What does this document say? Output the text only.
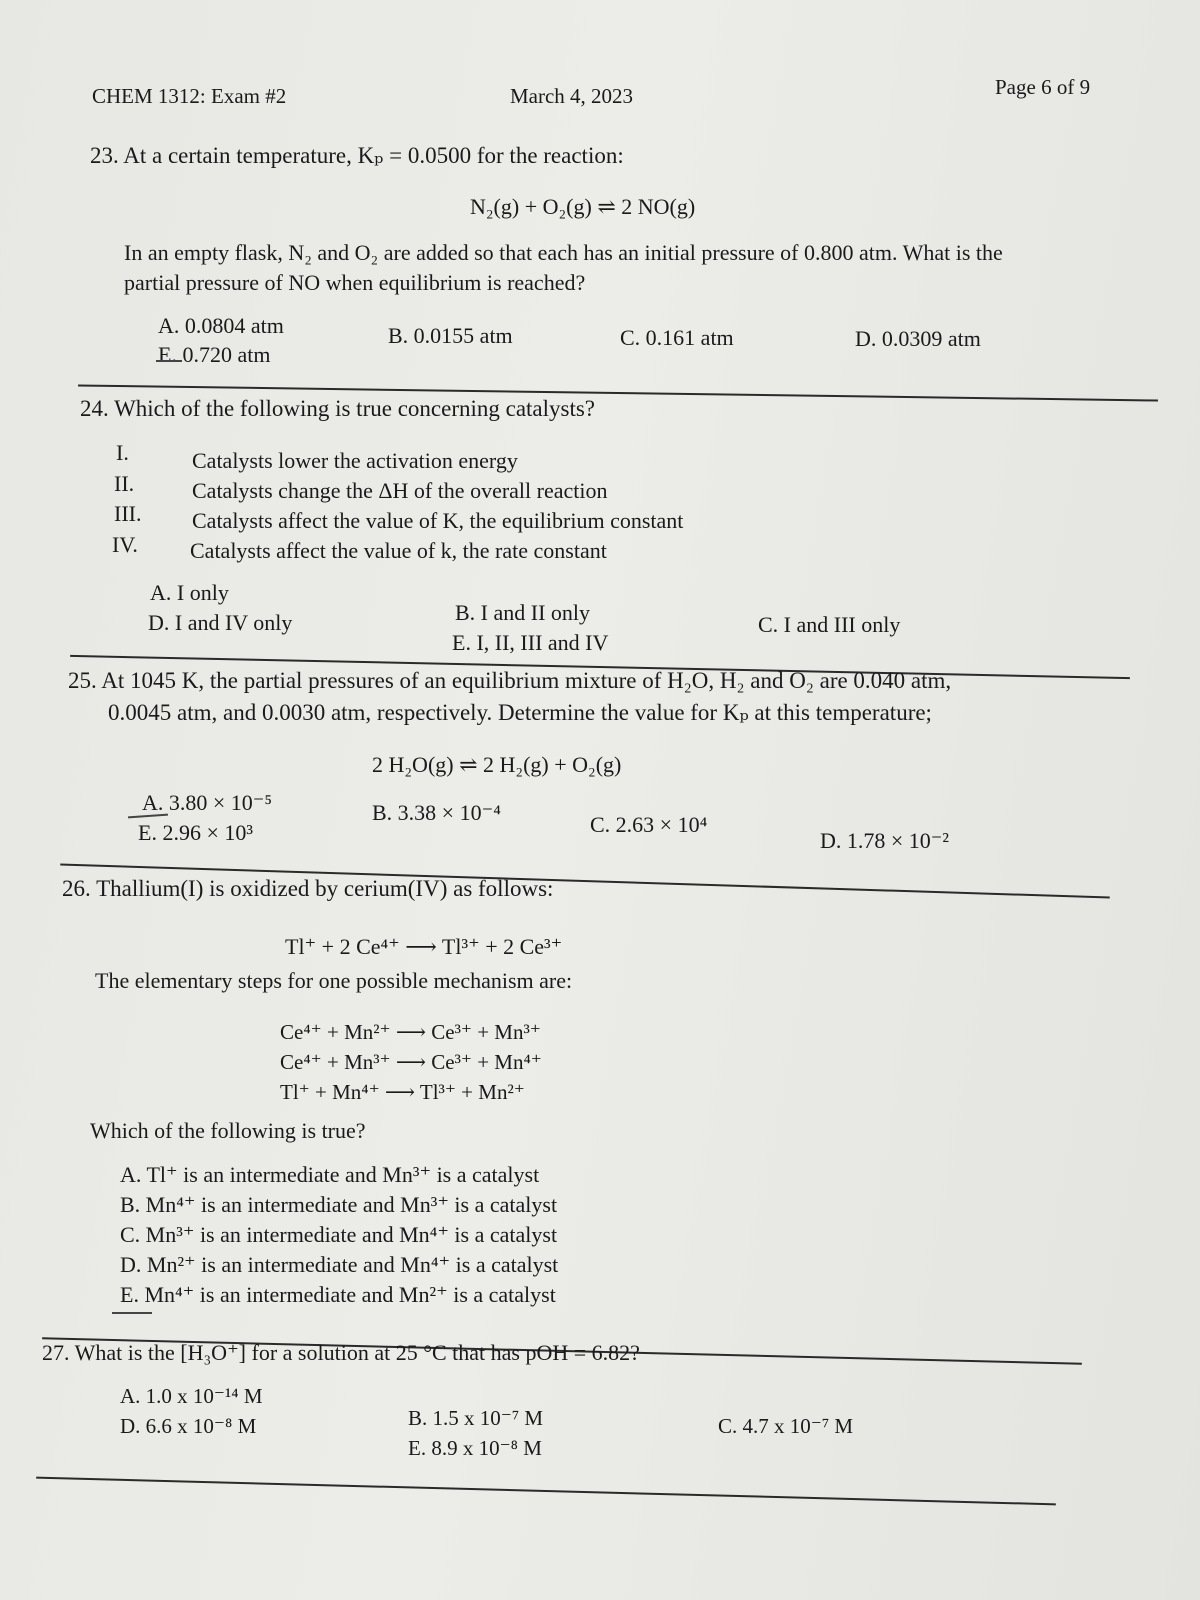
CHEM 1312: Exam #2	March 4, 2023	Page 6 of 9
23. At a certain temperature, Kₚ = 0.0500 for the reaction:
N₂(g) + O₂(g) ⇌ 2 NO(g)
In an empty flask, N₂ and O₂ are added so that each has an initial pressure of 0.800 atm. What is the
partial pressure of NO when equilibrium is reached?
A. 0.0804 atm	B. 0.0155 atm	C. 0.161 atm	D. 0.0309 atm
E. 0.720 atm
24. Which of the following is true concerning catalysts?
I.	Catalysts lower the activation energy
II.	Catalysts change the ΔH of the overall reaction
III. Catalysts affect the value of K, the equilibrium constant
IV. Catalysts affect the value of k, the rate constant
A. I only
B. I and II only	C. I and III only
D. I and IV only
E. I, II, III and IV
25. At 1045 K, the partial pressures of an equilibrium mixture of H₂O, H₂ and O₂ are 0.040 atm,
0.0045 atm, and 0.0030 atm, respectively. Determine the value for Kₚ at this temperature;
2 H₂O(g) ⇌ 2 H₂(g) + O₂(g)
A. 3.80 × 10⁻⁵	B. 3.38 × 10⁻⁴	C. 2.63 × 10⁴
D. 1.78 × 10⁻²
E. 2.96 × 10³
26. Thallium(I) is oxidized by cerium(IV) as follows:
Tl⁺ + 2 Ce⁴⁺ ⟶ Tl³⁺ + 2 Ce³⁺
The elementary steps for one possible mechanism are:
Ce⁴⁺ + Mn²⁺ ⟶ Ce³⁺ + Mn³⁺
Ce⁴⁺ + Mn³⁺ ⟶ Ce³⁺ + Mn⁴⁺
Tl⁺ + Mn⁴⁺ ⟶ Tl³⁺ + Mn²⁺
Which of the following is true?
A. Tl⁺ is an intermediate and Mn³⁺ is a catalyst
B. Mn⁴⁺ is an intermediate and Mn³⁺ is a catalyst
C. Mn³⁺ is an intermediate and Mn⁴⁺ is a catalyst
D. Mn²⁺ is an intermediate and Mn⁴⁺ is a catalyst
E. Mn⁴⁺ is an intermediate and Mn²⁺ is a catalyst
27. What is the [H₃O⁺] for a solution at 25 °C that has pOH = 6.82?
A. 1.0 x 10⁻¹⁴ M
B. 1.5 x 10⁻⁷ M	C. 4.7 x 10⁻⁷ M
D. 6.6 x 10⁻⁸ M
E. 8.9 x 10⁻⁸ M
